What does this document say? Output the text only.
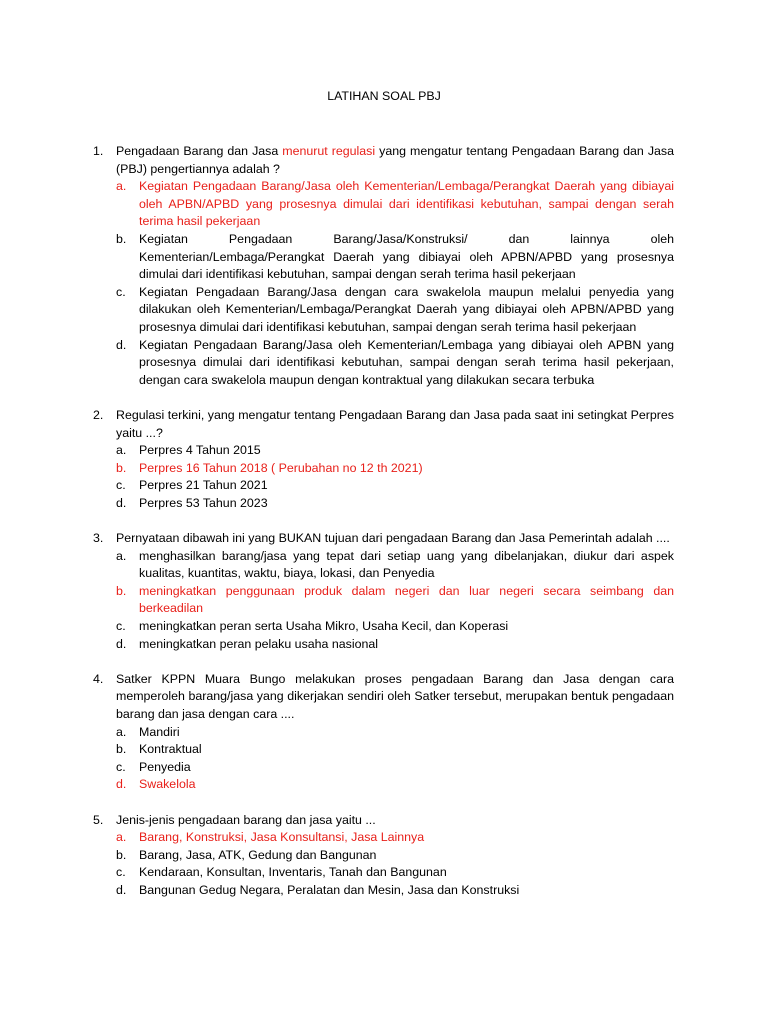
LATIHAN SOAL PBJ
1. Pengadaan Barang dan Jasa menurut regulasi yang mengatur tentang Pengadaan Barang dan Jasa (PBJ) pengertiannya adalah ?
a. Kegiatan Pengadaan Barang/Jasa oleh Kementerian/Lembaga/Perangkat Daerah yang dibiayai oleh APBN/APBD yang prosesnya dimulai dari identifikasi kebutuhan, sampai dengan serah terima hasil pekerjaan
b. Kegiatan Pengadaan Barang/Jasa/Konstruksi/ dan lainnya oleh Kementerian/Lembaga/Perangkat Daerah yang dibiayai oleh APBN/APBD yang prosesnya dimulai dari identifikasi kebutuhan, sampai dengan serah terima hasil pekerjaan
c. Kegiatan Pengadaan Barang/Jasa dengan cara swakelola maupun melalui penyedia yang dilakukan oleh Kementerian/Lembaga/Perangkat Daerah yang dibiayai oleh APBN/APBD yang prosesnya dimulai dari identifikasi kebutuhan, sampai dengan serah terima hasil pekerjaan
d. Kegiatan Pengadaan Barang/Jasa oleh Kementerian/Lembaga yang dibiayai oleh APBN yang prosesnya dimulai dari identifikasi kebutuhan, sampai dengan serah terima hasil pekerjaan, dengan cara swakelola maupun dengan kontraktual yang dilakukan secara terbuka
2. Regulasi terkini, yang mengatur tentang Pengadaan Barang dan Jasa pada saat ini setingkat Perpres yaitu ...?
a. Perpres 4 Tahun 2015
b. Perpres 16 Tahun 2018 ( Perubahan no 12 th 2021)
c. Perpres 21 Tahun 2021
d. Perpres 53 Tahun 2023
3. Pernyataan dibawah ini yang BUKAN tujuan dari pengadaan Barang dan Jasa Pemerintah adalah ....
a. menghasilkan barang/jasa yang tepat dari setiap uang yang dibelanjakan, diukur dari aspek kualitas, kuantitas, waktu, biaya, lokasi, dan Penyedia
b. meningkatkan penggunaan produk dalam negeri dan luar negeri secara seimbang dan berkeadilan
c. meningkatkan peran serta Usaha Mikro, Usaha Kecil, dan Koperasi
d. meningkatkan peran pelaku usaha nasional
4. Satker KPPN Muara Bungo melakukan proses pengadaan Barang dan Jasa dengan cara memperoleh barang/jasa yang dikerjakan sendiri oleh Satker tersebut, merupakan bentuk pengadaan barang dan jasa dengan cara ....
a. Mandiri
b. Kontraktual
c. Penyedia
d. Swakelola
5. Jenis-jenis pengadaan barang dan jasa yaitu ...
a. Barang, Konstruksi, Jasa Konsultansi, Jasa Lainnya
b. Barang, Jasa, ATK, Gedung dan Bangunan
c. Kendaraan, Konsultan, Inventaris, Tanah dan Bangunan
d. Bangunan Gedug Negara, Peralatan dan Mesin, Jasa dan Konstruksi
